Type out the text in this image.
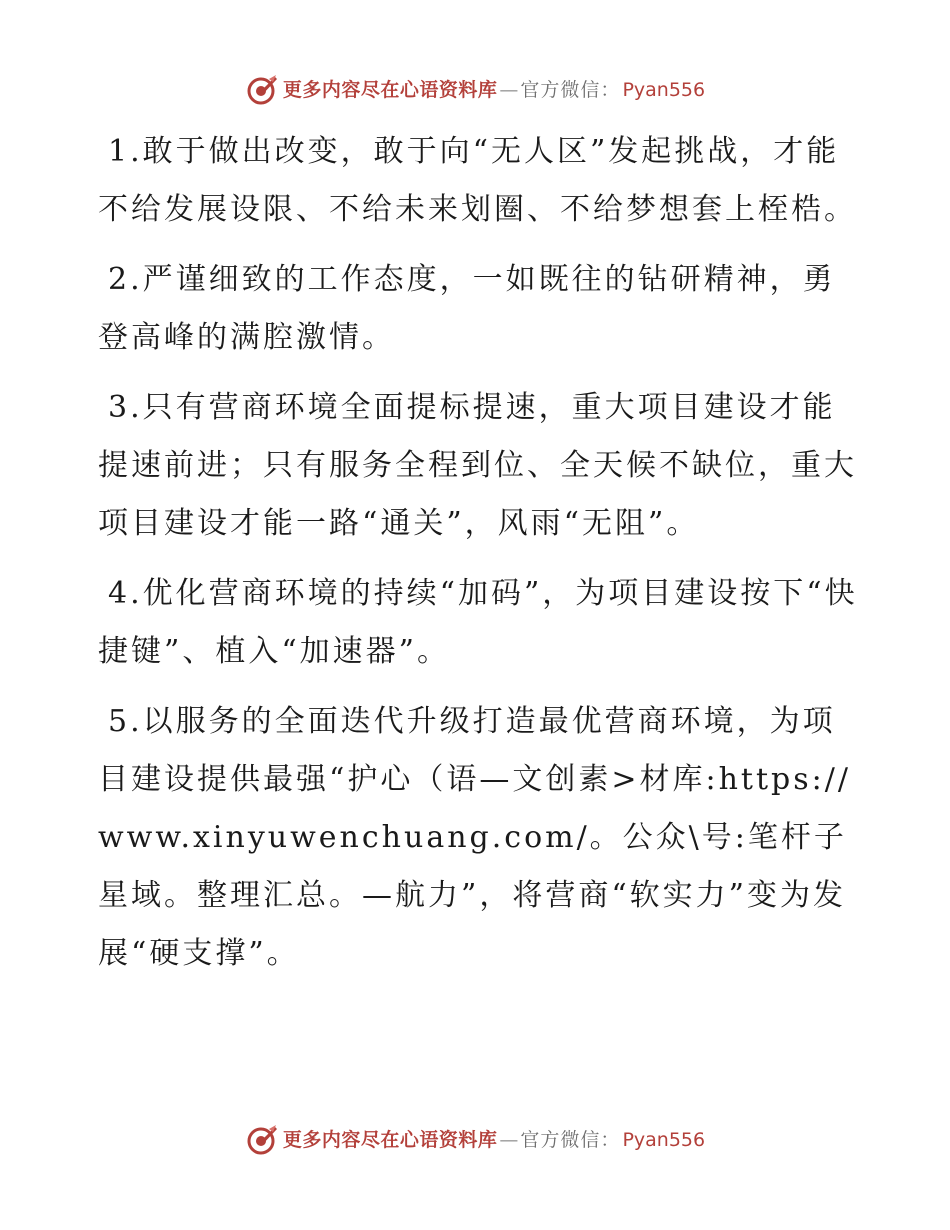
更多内容尽在心语资料库 — 官方微信： Pyan556

1.敢于做出改变，敢于向“无人区”发起挑战，才能不给发展设限、不给未来划圈、不给梦想套上桎梏。

2.严谨细致的工作态度，一如既往的钻研精神，勇登高峰的满腔激情。

3.只有营商环境全面提标提速，重大项目建设才能提速前进；只有服务全程到位、全天候不缺位，重大项目建设才能一路“通关”，风雨“无阻”。

4.优化营商环境的持续“加码”，为项目建设按下“快捷键”、植入“加速器”。

5.以服务的全面迭代升级打造最优营商环境，为项目建设提供最强“护心（语—文创素>材库:https://www.xinyuwenchuang.com/。公众\号:笔杆子星域。整理汇总。—航力”，将营商“软实力”变为发展“硬支撑”。

更多内容尽在心语资料库 — 官方微信： Pyan556
